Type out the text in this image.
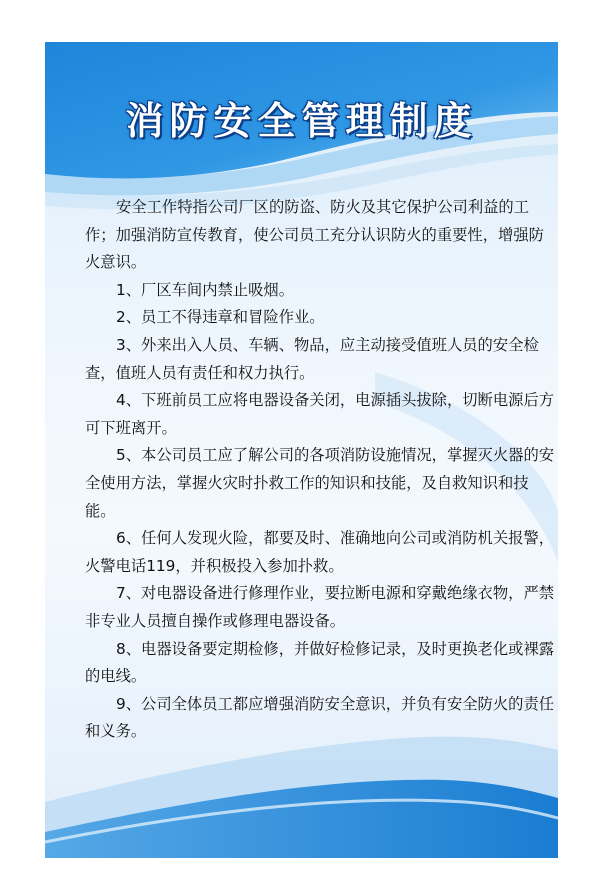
消防安全管理制度

安全工作特指公司厂区的防盗、防火及其它保护公司利益的工作；加强消防宣传教育，使公司员工充分认识防火的重要性，增强防火意识。

1、厂区车间内禁止吸烟。

2、员工不得违章和冒险作业。

3、外来出入人员、车辆、物品，应主动接受值班人员的安全检查，值班人员有责任和权力执行。

4、下班前员工应将电器设备关闭，电源插头拔除，切断电源后方可下班离开。

5、本公司员工应了解公司的各项消防设施情况，掌握灭火器的安全使用方法，掌握火灾时扑救工作的知识和技能，及自救知识和技能。

6、任何人发现火险，都要及时、准确地向公司或消防机关报警，火警电话119，并积极投入参加扑救。

7、对电器设备进行修理作业，要拉断电源和穿戴绝缘衣物，严禁非专业人员擅自操作或修理电器设备。

8、电器设备要定期检修，并做好检修记录，及时更换老化或裸露的电线。

9、公司全体员工都应增强消防安全意识，并负有安全防火的责任和义务。
